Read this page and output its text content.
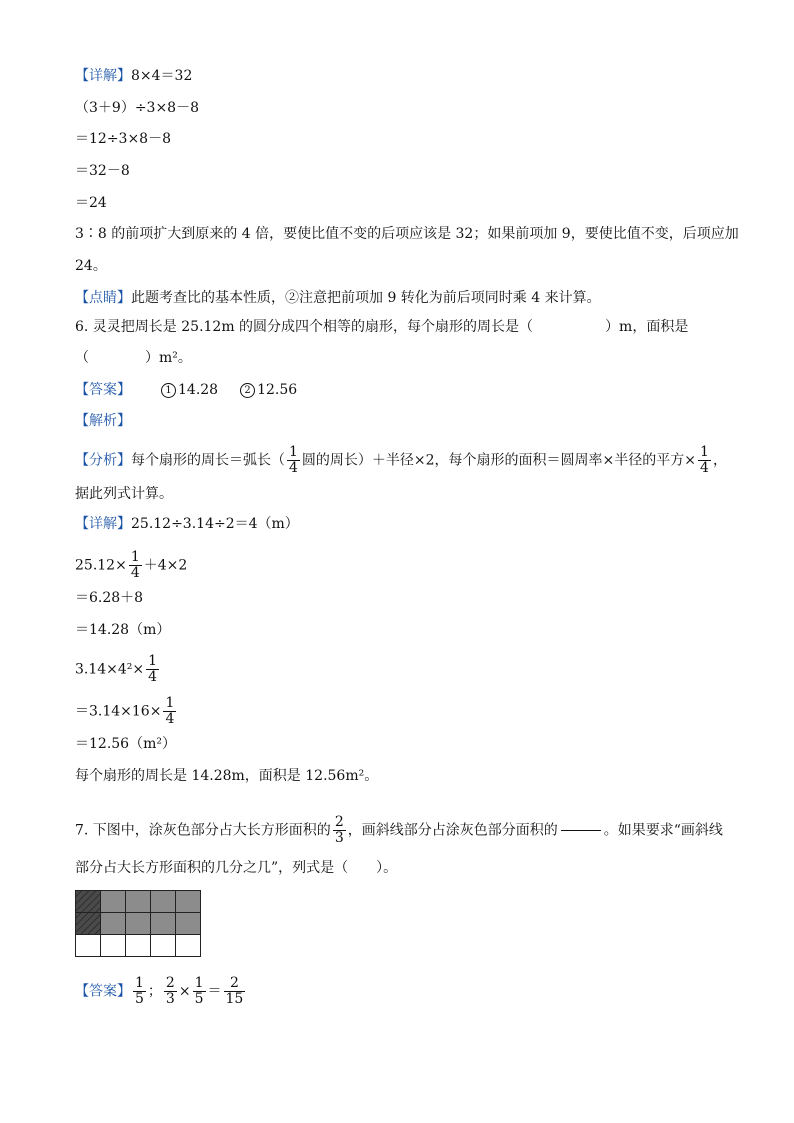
【详解】8×4＝32
（3＋9）÷3×8－8
＝12÷3×8－8
＝32－8
＝24
3∶8 的前项扩大到原来的 4 倍，要使比值不变的后项应该是 32；如果前项加 9，要使比值不变，后项应加
24。
【点睛】此题考查比的基本性质，②注意把前项加 9 转化为前后项同时乘 4 来计算。
6. 灵灵把周长是 25.12m 的圆分成四个相等的扇形，每个扇形的周长是（	）m，面积是
（	）m²。
【答案】	1 14.28	2 12.56
【解析】
【分析】每个扇形的周长＝弧长（ $\frac{1}{4}$ 圆的周长）＋半径×2，每个扇形的面积＝圆周率×半径的平方× $\frac{1}{4}$ ，
据此列式计算。
【详解】25.12÷3.14÷2＝4（m）
$25.12\times \frac{1}{4} +4\times 2$
＝6.28＋8
＝14.28（m）
$3.14\times 4^2\times \frac{1}{4}$
$=3.14\times 16\times \frac{1}{4}$
＝12.56（m²）
每个扇形的周长是 14.28m，面积是 12.56m²。
7. 下图中，涂灰色部分占大长方形面积的 $\frac{2}{3}$ ，画斜线部分占涂灰色部分面积的	。如果要求“画斜线
部分占大长方形面积的几分之几”，列式是（ ）。
【答案】 $\frac{1}{5}$ ； $\frac{2}{3} \times \frac{1}{5} = \frac{2}{15}$
